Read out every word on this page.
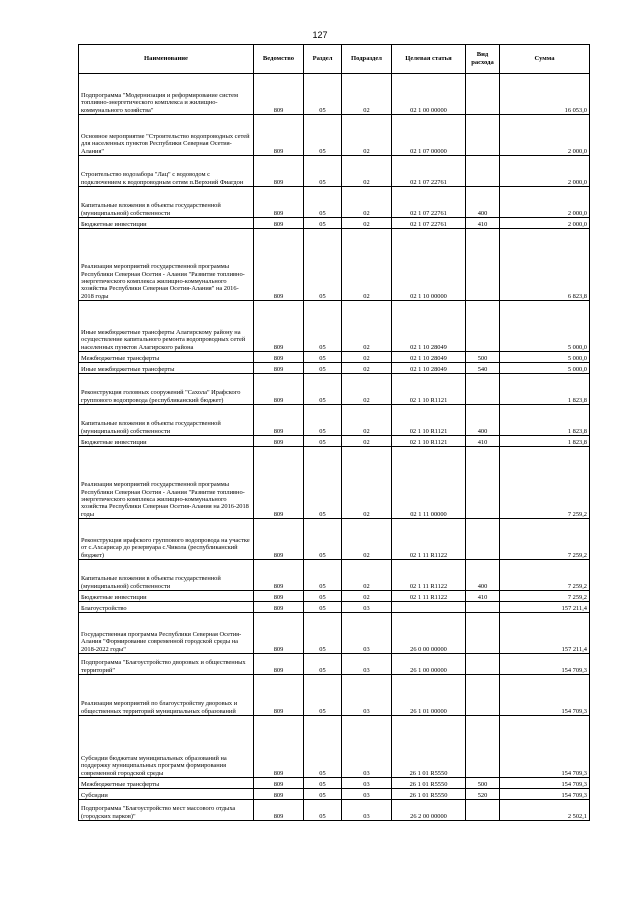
127
Наименование	Ведомство	Раздел	Подраздел	Целевая статья	Вид расхода	Сумма
Подпрограмма "Модернизация и реформирование систем топливно-энергетического комплекса и жилищно-коммунального хозяйства"	809	05	02	02 1 00 00000		16 053,0
Основное мероприятие "Строительство водопроводных сетей для населенных пунктов Республики Северная Осетия-Алания"	809	05	02	02 1 07 00000		2 000,0
Строительство водозабора "Лац" с водоводом с подключением к водопроводным сетям п.Верхний Фиагдон	809	05	02	02 1 07 22761		2 000,0
Капитальные вложения в объекты государственной (муниципальной) собственности	809	05	02	02 1 07 22761	400	2 000,0
Бюджетные инвестиции	809	05	02	02 1 07 22761	410	2 000,0
Реализация мероприятий государственной программы Республики Северная Осетия - Алания "Развитие топливно-энергетического комплекса жилищно-коммунального хозяйства Республики Северная Осетия-Алания" на 2016-2018 годы	809	05	02	02 1 10 00000		6 823,8
Иные межбюджетные трансферты Алагирскому району на осуществление капитального ремонта водопроводных сетей населенных пунктов Алагирского района	809	05	02	02 1 10 28049		5 000,0
Межбюджетные трансферты	809	05	02	02 1 10 28049	500	5 000,0
Иные межбюджетные трансферты	809	05	02	02 1 10 28049	540	5 000,0
Реконструкция головных сооружений "Сахола" Ирафского группового водопровода (республиканский бюджет)	809	05	02	02 1 10 R1121		1 823,8
Капитальные вложения в объекты государственной (муниципальной) собственности	809	05	02	02 1 10 R1121	400	1 823,8
Бюджетные инвестиции	809	05	02	02 1 10 R1121	410	1 823,8
Реализация мероприятий государственной программы Республики Северная Осетия - Алания "Развитие топливно-энергетического комплекса жилищно-коммунального хозяйства Республики Северная Осетия-Алания на 2016-2018 годы	809	05	02	02 1 11 00000		7 259,2
Реконструкция ирафского группового водопровода на участке от с.Ахсарисар до резервуара с.Чикола (республиканский бюджет)	809	05	02	02 1 11 R1122		7 259,2
Капитальные вложения в объекты государственной (муниципальной) собственности	809	05	02	02 1 11 R1122	400	7 259,2
Бюджетные инвестиции	809	05	02	02 1 11 R1122	410	7 259,2
Благоустройство	809	05	03			157 211,4
Государственная программа Республики Северная Осетия-Алания "Формирование современной городской среды на 2018-2022 годы"	809	05	03	26 0 00 00000		157 211,4
Подпрограмма "Благоустройство дворовых и общественных территорий"	809	05	03	26 1 00 00000		154 709,3
Реализация мероприятий по благоустройству дворовых и общественных территорий муниципальных образований	809	05	03	26 1 01 00000		154 709,3
Субсидии бюджетам муниципальных образований на поддержку муниципальных программ формирования современной городской среды	809	05	03	26 1 01 R5550		154 709,3
Межбюджетные трансферты	809	05	03	26 1 01 R5550	500	154 709,3
Субсидии	809	05	03	26 1 01 R5550	520	154 709,3
Подпрограмма "Благоустройство мест массового отдыха (городских парков)"	809	05	03	26 2 00 00000		2 502,1
